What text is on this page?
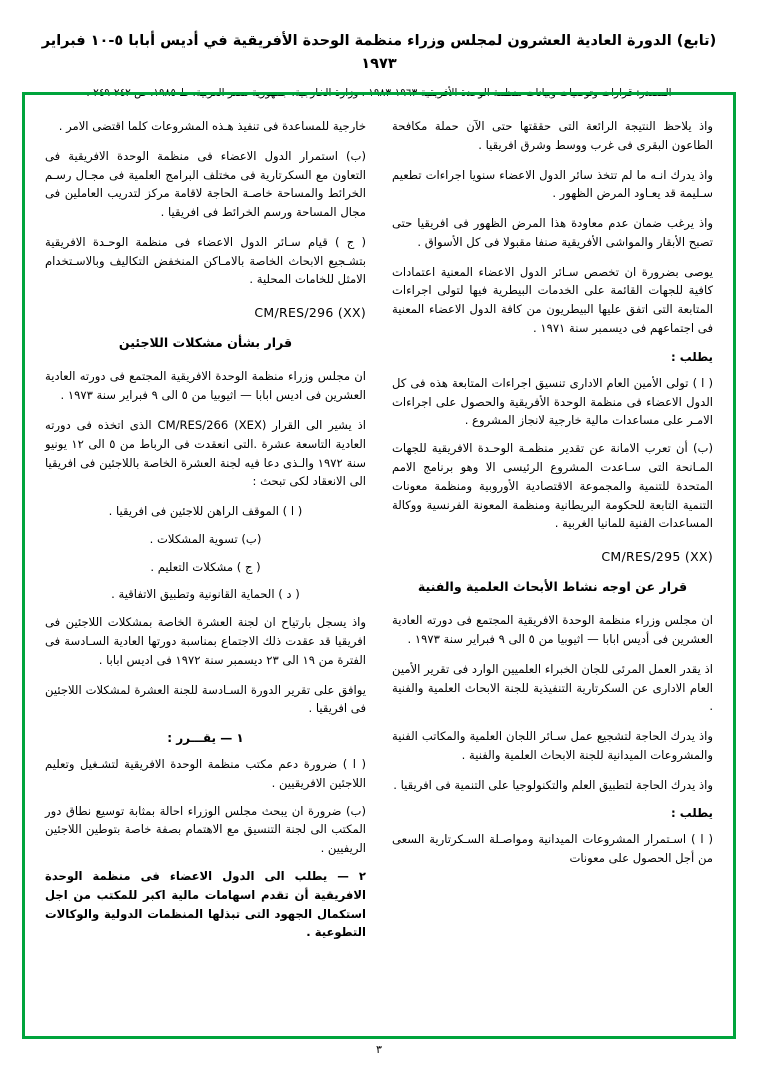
(تابع) الدورة العادية العشرون لمجلس وزراء منظمة الوحدة الأفريقية في أديس أبابا ٥-١٠ فبراير ١٩٧٣
المصدر: قرارات وتوصيات وبيانات منظمة الوحدة الأفريقية ١٩٦٣-١٩٨٣ ، وزارة الخارجية، جمهورية مصر العربية، ط ١٩٨٥، ص ٢٤٢-٢٤٩ .

واذ يلاحظ النتيجة الرائعة التى حققتها حتى الآن حملة مكافحة الطاعون البقرى فى غرب ووسط وشرق افريقيا .

واذ يدرك انـه ما لم تتخذ سائر الدول الاعضاء سنويا اجراءات تطعيم سـليمة قد يعـاود المرض الظهور .

واذ يرغب ضمان عدم معاودة هذا المرض الظهور فى افريقيا حتى تصبح الأبقار والمواشى الأفريقية صنفا مقبولا فى كل الأسواق .

يوصى بضرورة ان تخصص سـائر الدول الاعضاء المعنية اعتمادات كافية للجهات القائمة على الخدمات البيطرية فيها لتولى اجراءات المتابعة التى اتفق عليها البيطريون من كافة الدول الاعضاء المعنية فى اجتماعهم فى ديسمبر سنة ١٩٧١ .

يطلب :

( ا ) تولى الأمين العام الادارى تنسيق اجراءات المتابعة هذه فى كل الدول الاعضاء فى منظمة الوحدة الأفريقية والحصول على اجراءات الامـر على مساعدات مالية خارجية لانجاز المشروع .

(ب) أن تعرب الامانة عن تقدير منظمـة الوحـدة الافريقية للجهات المـانحة التى سـاعدت المشروع الرئيسى الا وهو برنامج الامم المتحدة للتنمية والمجموعة الاقتصادية الأوروبية ومنظمة معونات التنمية التابعة للحكومة البريطانية ومنظمة المعونة الفرنسية ووكالة المساعدات الفنية للمانيا الغربية .

CM/RES/295 (XX)
قرار عن اوجه نشاط الأبحاث العلمية والفنية

ان مجلس وزراء منظمة الوحدة الافريقية المجتمع فى دورته العادية العشرين فى أديس ابابا — اثيوبيا من ٥ الى ٩ فبراير سنة ١٩٧٣ .

اذ يقدر العمل المرئى للجان الخبراء العلميين الوارد فى تقرير الأمين العام الادارى عن السكرتارية التنفيذية للجنة الابحاث العلمية والفنية .

واذ يدرك الحاجة لتشجيع عمل سـائر اللجان العلمية والمكاتب الفنية والمشروعات الميدانية للجنة الابحاث العلمية والفنية .

واذ يدرك الحاجة لتطبيق العلم والتكنولوجيا على التنمية فى افريقيا .

يطلب :

( ا ) اسـتمرار المشروعات الميدانية ومواصـلة السـكرتارية السعى من أجل الحصول على معونات

خارجية للمساعدة فى تنفيذ هـذه المشروعات كلما اقتضى الامر .

(ب) استمرار الدول الاعضاء فى منظمة الوحدة الافريقية فى التعاون مع السكرتارية فى مختلف البرامج العلمية فى مجـال رسـم الخرائط والمساحة خاصـة الحاجة لاقامة مركز لتدريب العاملين فى مجال المساحة ورسم الخرائط فى افريقيا .

( ج ) قيام سـائر الدول الاعضاء فى منظمة الوحـدة الافريقية بتشـجيع الابحاث الخاصة بالامـاكن المنخفض التكاليف وبالاسـتخدام الامثل للخامات المحلية .

CM/RES/296 (XX)
قرار بشأن مشكلات اللاجئين

ان مجلس وزراء منظمة الوحدة الافريقية المجتمع فى دورته العادية العشرين فى اديس ابابا — اثيوبيا من ٥ الى ٩ فبراير سنة ١٩٧٣ .

اذ يشير الى القرار CM/RES/266 (XEX) الذى اتخذه فى دورته العادية التاسعة عشرة .التى انعقدت فى الرباط من ٥ الى ١٢ يونيو سنة ١٩٧٢ والـذى دعا فيه لجنة العشرة الخاصة باللاجئين فى افريقيا الى الانعقاد لكى تبحث :

( ا ) الموقف الراهن للاجئين فى افريقيا .

(ب) تسوية المشكلات .

( ج ) مشكلات التعليم .

( د ) الحماية القانونية وتطبيق الاتفاقية .

واذ يسجل بارتياح ان لجنة العشرة الخاصة بمشكلات اللاجئين فى افريقيا قد عقدت ذلك الاجتماع بمناسبة دورتها العادية السـادسة فى الفترة من ١٩ الى ٢٣ ديسمبر سنة ١٩٧٢ فى اديس ابابا .

يوافق على تقرير الدورة السـادسة للجنة العشرة لمشكلات اللاجئين فى افريقيا .

١ — يقـــرر :

( ا ) ضرورة دعم مكتب منظمة الوحدة الافريقية لتشـغيل وتعليم اللاجئين الافريقيين .

(ب) ضرورة ان يبحث مجلس الوزراء احالة بمثابة توسيع نطاق دور المكتب الى لجنة التنسيق مع الاهتمام بصفة خاصة بتوطين اللاجئين الريفيين .

٢ — يطلب الى الدول الاعضاء فى منظمة الوحدة الافريقية أن تقدم اسهامات مالية اكبر للمكتب من اجل استكمال الجهود التى تبذلها المنظمات الدولية والوكالات التطوعية .

٣
